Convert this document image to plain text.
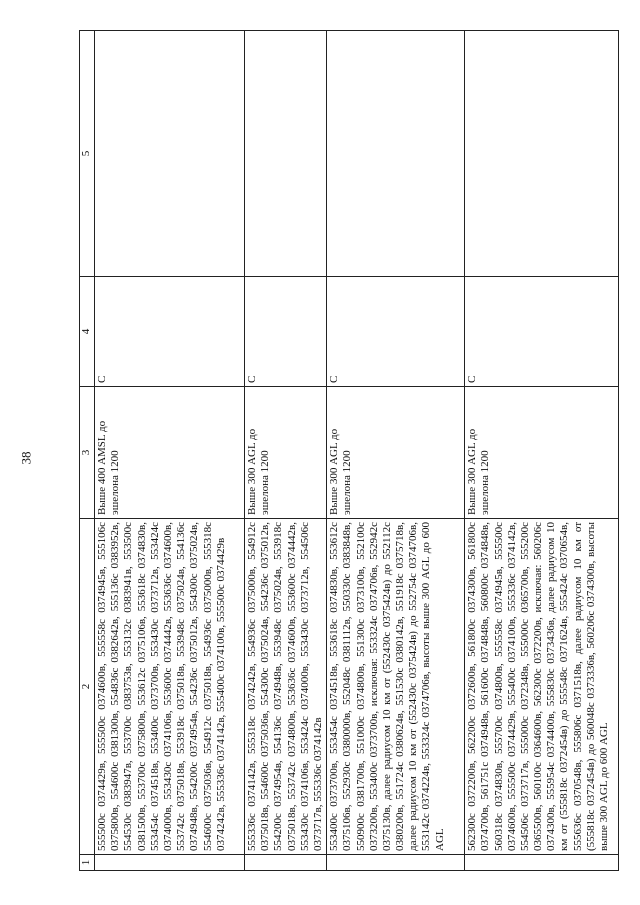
38
1	2	3	4	5
	555500с 0374429в, 555500с 0374600в, 555558с 0374945в, 555106с 0375800в, 554600с 0381300в, 554836с 0382642в, 555136с 0383952в, 554530с 0383947в, 553700с 0383753в, 553132с 0383941в, 553500с 0381500в, 553700с 0375800в, 553612с 0375106в, 553618с 0374830в, 553454с 0374518в, 553400с 0373700в, 553430с 0373712в, 553424с 0374000в, 553430с 0374106в, 553600с 0374442в, 553636с 0374600в, 553742с 0375018в, 553918с 0375018в, 553948с 0375024в, 554136с 0374948в, 554200с 0374954в, 554236с 0375012в, 554300с 0375024в, 554600с 0375036в, 554912с 0375018в, 554936с 0375000в, 555318с 0374242в, 555336с 0374142в, 555400с 0374100в, 555500с 0374429в	Выше 400 AMSL до эшелона 1200	C	
	555336с 0374142в, 555318с 0374242в, 554936с 0375000в, 554912с 0375018в, 554600с 0375036в, 554300с 0375024в, 554236с 0375012в, 554200с 0374954в, 554136с 0374948в, 553948с 0375024в, 553918с 0375018в, 553742с 0374800в, 553636с 0374600в, 553600с 0374442в, 553430с 0374106в, 553424с 0374000в, 553430с 0373712в, 554506с 0373717в, 555336с 0374142в	Выше 300 AGL до эшелона 1200	C	
	553400с 0373700в, 553454с 0374518в, 553618с 0374830в, 553612с 0375106в, 552930с 0380000в, 552048с 0381112в, 550330с 0383848в, 550900с 0381700в, 551000с 0374800в, 551300с 0373100в, 552100с 0373200в, 553400с 0373700в, исключая: 553324с 0374706в, 552942с 0375130в, далее радиусом 10 км от (552430с 0375424в) до 552112с 0380200в, 551724с 0380624в, 551530с 0380142в, 551918с 0375718в, далее радиусом 10 км от (552430с 0375424в) до 552754с 0374706в, 553142с 0374224в, 553324с 0374706в, высоты выше 300 AGL до 600 AGL	Выше 300 AGL до эшелона 1200	C	
	562300с 0372200в, 562200с 0372600в, 561800с 0374300в, 561800с 0374700в, 561751с 0374948в, 561600с 0374848в, 560800с 0374848в, 560318с 0374830в, 555700с 0374800в, 555558с 0374945в, 555500с 0374600в, 555500с 0374429в, 555400с 0374100в, 555336с 0374142в, 554506с 0373717в, 555000с 0372348в, 555000с 0365700в, 555200с 0365500в, 560100с 0364600в, 562300с 0372200в, исключая: 560206с 0374300в, 555954с 0374400в, 555830с 0373436в, далее радиусом 10 км от (555818с 0372454в) до 555548с 0371624в, 555424с 0370654в, 555636с 0370548в, 555806с 0371518в, далее радиусом 10 км от (555818с 0372454в) до 560048с 0373336в, 560206с 0374300в, высоты выше 300 AGL до 600 AGL	Выше 300 AGL до эшелона 1200	C	
